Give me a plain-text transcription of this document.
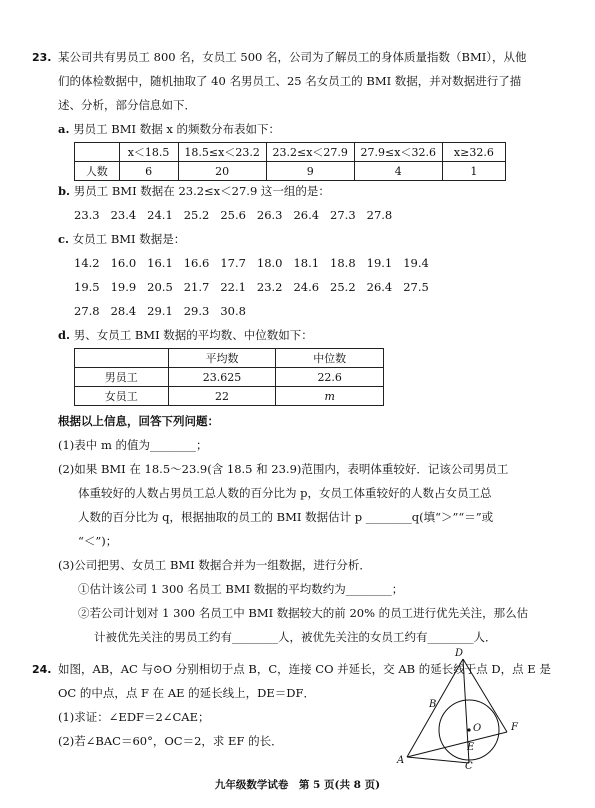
23. 某公司共有男员工 800 名，女员工 500 名，公司为了解员工的身体质量指数（BMI），从他
们的体检数据中，随机抽取了 40 名男员工、25 名女员工的 BMI 数据，并对数据进行了描
述、分析，部分信息如下．
a. 男员工 BMI 数据 x 的频数分布表如下：
	x＜18.5	18.5≤x＜23.2	23.2≤x＜27.9	27.9≤x＜32.6	x≥32.6
人数	6	20	9	4	1
b. 男员工 BMI 数据在 23.2≤x＜27.9 这一组的是：
23.3 23.4 24.1 25.2 25.6 26.3 26.4 27.3 27.8
c. 女员工 BMI 数据是：
14.2 16.0 16.1 16.6 17.7 18.0 18.1 18.8 19.1 19.4
19.5 19.9 20.5 21.7 22.1 23.2 24.6 25.2 26.4 27.5
27.8 28.4 29.1 29.3 30.8
d. 男、女员工 BMI 数据的平均数、中位数如下：
	平均数	中位数
男员工	23.625	22.6
女员工	22	m
根据以上信息，回答下列问题：
(1)表中 m 的值为________；
(2)如果 BMI 在 18.5～23.9(含 18.5 和 23.9)范围内，表明体重较好．记该公司男员工
体重较好的人数占男员工总人数的百分比为 p，女员工体重较好的人数占女员工总
人数的百分比为 q，根据抽取的员工的 BMI 数据估计 p ________q(填“＞”“＝”或
“＜”)；
(3)公司把男、女员工 BMI 数据合并为一组数据，进行分析．
①估计该公司 1 300 名员工 BMI 数据的平均数约为________；
②若公司计划对 1 300 名员工中 BMI 数据较大的前 20% 的员工进行优先关注，那么估
计被优先关注的男员工约有________人，被优先关注的女员工约有________人．
24. 如图，AB，AC 与⊙O 分别相切于点 B，C，连接 CO 并延长，交 AB 的延长线于点 D，点 E 是
OC 的中点，点 F 在 AE 的延长线上，DE＝DF．
(1)求证：∠EDF＝2∠CAE；
(2)若∠BAC＝60°，OC＝2，求 EF 的长．
D
B
O	F
E
A
C
九年级数学试卷　第 5 页(共 8 页)
